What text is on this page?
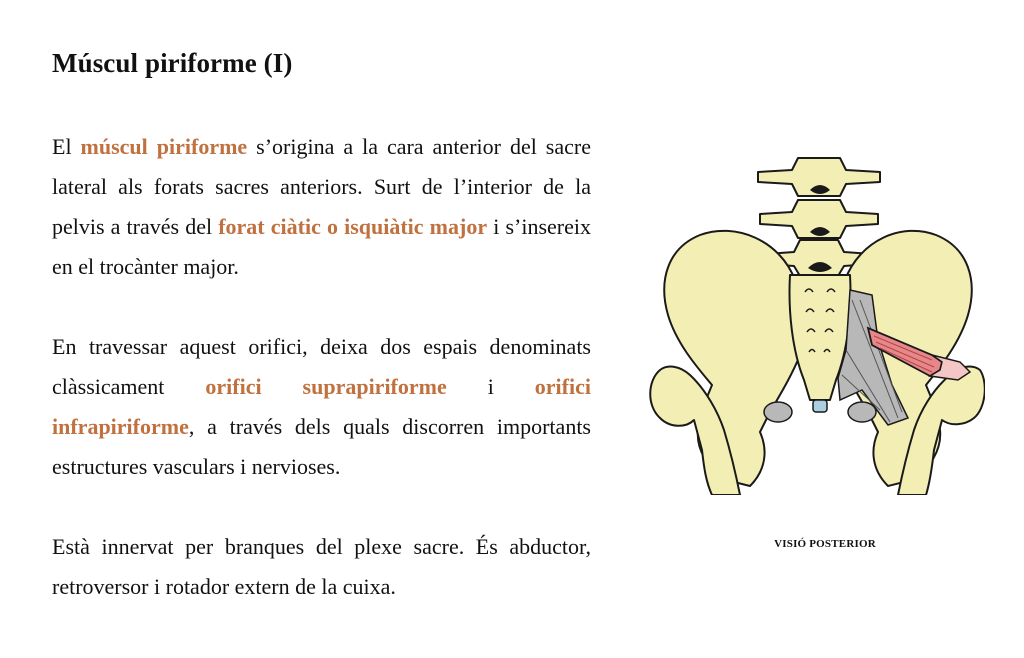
Múscul piriforme (I)

El múscul piriforme s’origina a la cara anterior del sacre lateral als forats sacres anteriors. Surt de l’interior de la pelvis a través del forat ciàtic o isquiàtic major i s’insereix en el trocànter major.

En travessar aquest orifici, deixa dos espais denominats clàssicament orifici suprapiriforme i orifici infrapiriforme, a través dels quals discorren importants estructures vasculars i nervioses.

Està innervat per branques del plexe sacre. És abductor, retroversor i rotador extern de la cuixa.

VISIÓ POSTERIOR
